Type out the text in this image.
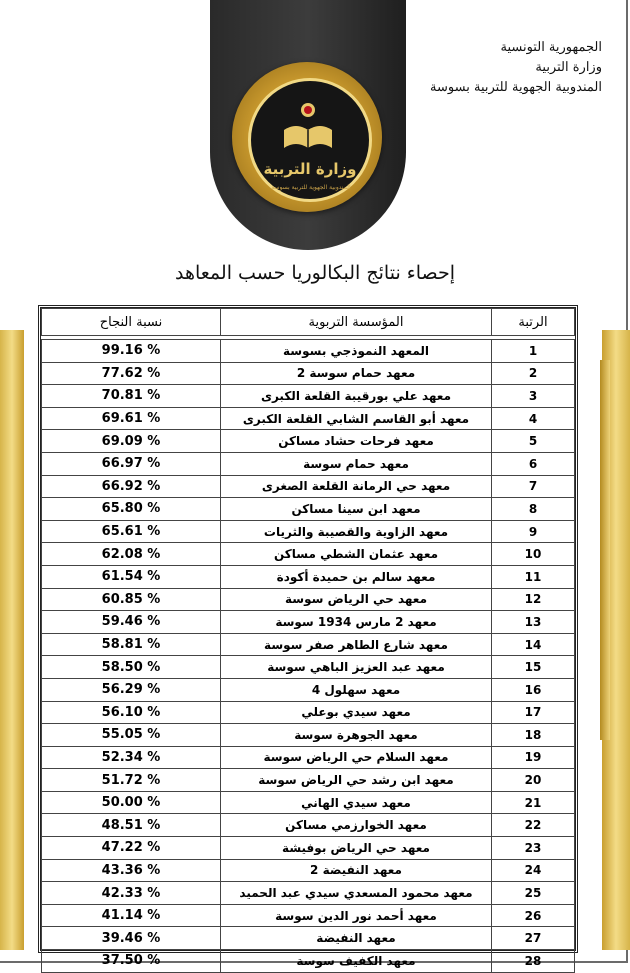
وزارة التربية
المندوبية الجهوية للتربية بسوسة
الجمهورية التونسية
وزارة التربية
المندوبية الجهوية للتربية بسوسة
إحصاء نتائج البكالوريا حسب المعاهد
الرتبة	المؤسسة التربوية	نسبة النجاح

1	المعهد النموذجي بسوسة	99.16 %
2	معهد حمام سوسة 2	77.62 %
3	معهد علي بورقيبة القلعة الكبرى	70.81 %
4	معهد أبو القاسم الشابي القلعة الكبرى	69.61 %
5	معهد فرحات حشاد مساكن	69.09 %
6	معهد حمام سوسة	66.97 %
7	معهد حي الرمانة القلعة الصغرى	66.92 %
8	معهد ابن سينا مساكن	65.80 %
9	معهد الزاوية والقصيبة والثريات	65.61 %
10	معهد عثمان الشطي مساكن	62.08 %
11	معهد سالم بن حميدة أكودة	61.54 %
12	معهد حي الرياض سوسة	60.85 %
13	معهد 2 مارس 1934 سوسة	59.46 %
14	معهد شارع الطاهر صفر سوسة	58.81 %
15	معهد عبد العزيز الباهي سوسة	58.50 %
16	معهد سهلول 4	56.29 %
17	معهد سيدي بوعلي	56.10 %
18	معهد الجوهرة سوسة	55.05 %
19	معهد السلام حي الرياض سوسة	52.34 %
20	معهد ابن رشد حي الرياض سوسة	51.72 %
21	معهد سيدي الهاني	50.00 %
22	معهد الخوارزمي مساكن	48.51 %
23	معهد حي الرياض بوفيشة	47.22 %
24	معهد النفيضة 2	43.36 %
25	معهد محمود المسعدي سيدي عبد الحميد	42.33 %
26	معهد أحمد نور الدين سوسة	41.14 %
27	معهد النفيضة	39.46 %
28	معهد الكفيف سوسة	37.50 %
